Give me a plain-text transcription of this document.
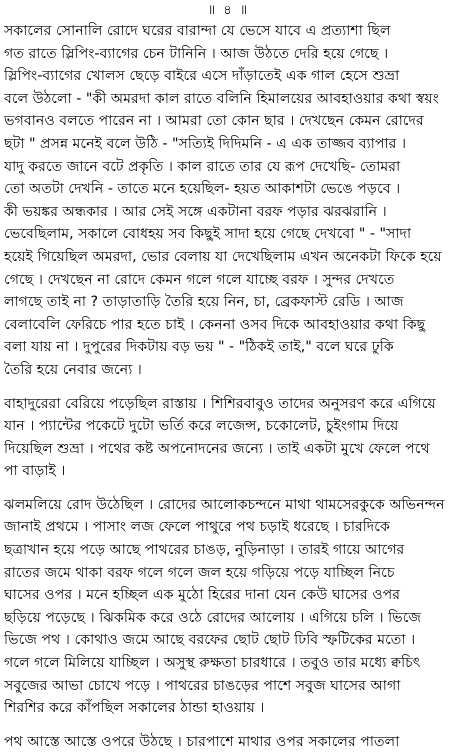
॥ ৪ ॥
সকালের সোনালি রোদে ঘরের বারান্দা যে ভেসে যাবে এ প্রত্যাশা ছিল
গত রাতে স্লিপিং-ব্যাগের চেন টানিনি । আজ উঠতে দেরি হয়ে গেছে ।
স্লিপিং-ব্যাগের খোলস ছেড়ে বাইরে এসে দাঁড়াতেই এক গাল হেসে শুভ্রা
বলে উঠলো - "কী অমরদা কাল রাতে বলিনি হিমালয়ের আবহাওয়ার কথা স্বয়ং
ভগবানও বলতে পারেন না । আমরা তো কোন ছার । দেখছেন কেমন রোদের
ছটা " প্রসন্ন মনেই বলে উঠি - "সত্যিই দিদিমনি - এ এক তাজ্জব ব্যাপার ।
যাদু করতে জানে বটে প্রকৃতি । কাল রাতে তার যে রূপ দেখেছি- তোমরা
তো অতটা দেখনি - তাতে মনে হয়েছিল- হয়ত আকাশটা ভেঙে পড়বে ।
কী ভয়ঙ্কর অন্ধকার । আর সেই সঙ্গে একটানা বরফ পড়ার ঝরঝরানি ।
ভেবেছিলাম, সকালে বোধহয় সব কিছুই সাদা হয়ে গেছে দেখবো " - "সাদা
হয়েই গিয়েছিল অমরদা, ভোর বেলায় যা দেখেছিলাম এখন অনেকটা ফিকে হয়ে
গেছে । দেখছেন না রোদে কেমন গলে গলে যাচ্ছে বরফ । সুন্দর দেখতে
লাগছে তাই না ? তাড়াতাড়ি তৈরি হয়ে নিন, চা, ব্রেকফাস্ট রেডি । আজ
বেলাবেলি ফেরিচে পার হতে চাই । কেননা ওসব দিকে আবহাওয়ার কথা কিছু
বলা যায় না । দুপুরের দিকটায় বড় ভয় " - "ঠিকই তাই," বলে ঘরে ঢুকি
তৈরি হয়ে নেবার জন্যে ।
বাহাদুরেরা বেরিয়ে পড়েছিল রাস্তায় । শিশিরবাবুও তাদের অনুসরণ করে এগিয়ে
যান । প্যান্টের পকেটে দুটো ভর্তি করে লজেন্স, চকোলেট, চুইংগাম দিয়ে
দিয়েছিল শুভ্রা । পথের কষ্ট অপনোদনের জন্যে । তাই একটা মুখে ফেলে পথে
পা বাড়াই ।
ঝলমলিয়ে রোদ উঠেছিল । রোদের আলোকচন্দনে মাথা থামসেরকুকে অভিনন্দন
জানাই প্রথমে । পাসাং লজ ফেলে পাথুরে পথ চড়াই ধরেছে । চারদিকে
ছত্রাখান হয়ে পড়ে আছে পাথরের চাঙড়, নুড়িনাড়া । তারই গায়ে আগের
রাতের জমে থাকা বরফ গলে গলে জল হয়ে গড়িয়ে পড়ে যাচ্ছিল নিচে
ঘাসের ওপর । মনে হচ্ছিল এক মুঠো হিরের দানা যেন কেউ ঘাসের ওপর
ছড়িয়ে পড়েছে । ঝিকমিক করে ওঠে রোদের আলোয় । এগিয়ে চলি । ভিজে
ভিজে পথ । কোথাও জমে আছে বরফের ছোট ছোট ঢিবি স্ফটিকের মতো ।
গলে গলে মিলিয়ে যাচ্ছিল । অসুস্থ রুক্ষতা চারধারে । তবুও তার মধ্যে ক্বচিৎ
সবুজের আভা চোখে পড়ে । পাথরের চাঙড়ের পাশে সবুজ ঘাসের আগা
শিরশির করে কাঁপছিল সকালের ঠান্ডা হাওয়ায় ।
পথ আস্তে আস্তে ওপরে উঠছে । চারপাশে মাথার ওপর সকালের পাতলা
